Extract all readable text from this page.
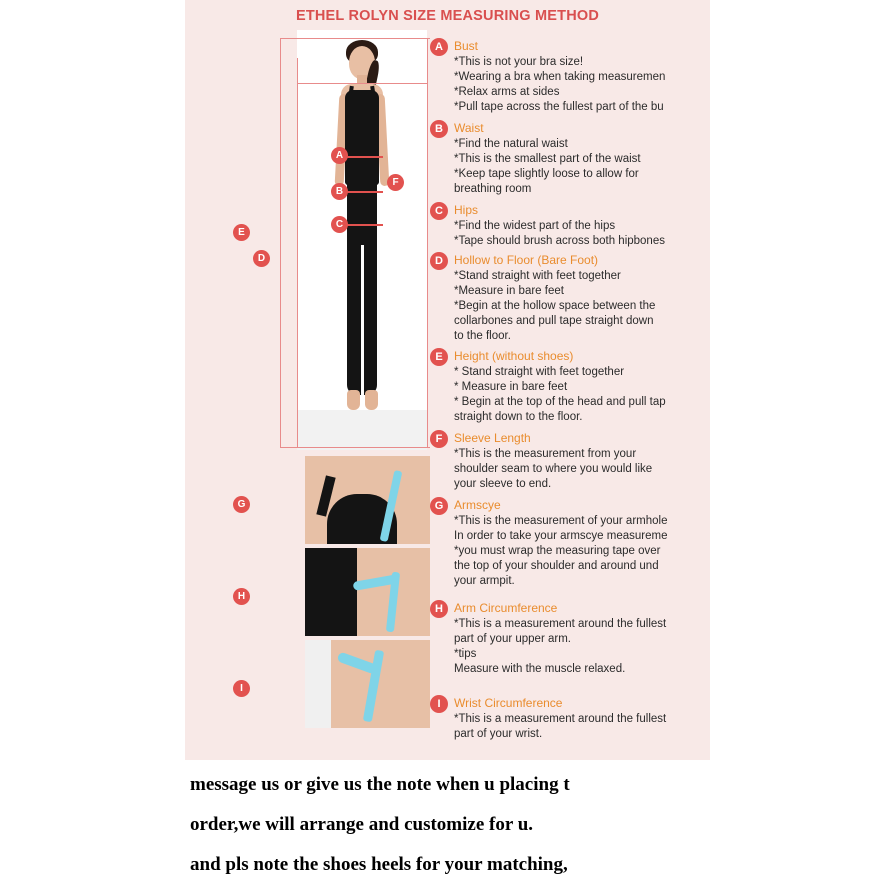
ETHEL ROLYN SIZE MEASURING METHOD
A
B
C
F
E
D
G
H
I
A Bust
*This is not your bra size!
*Wearing a bra when taking measuremen
*Relax arms at sides
*Pull tape across the fullest part of the bu
B Waist
*Find the natural waist
*This is the smallest part of the waist
*Keep tape slightly loose to allow for
breathing room
C Hips
*Find the widest part of the hips
*Tape should brush across both hipbones
D Hollow to Floor (Bare Foot)
*Stand straight with feet together
*Measure in bare feet
*Begin at the hollow space between the
collarbones and pull tape straight down
to the floor.
E Height (without shoes)
* Stand straight with feet together
* Measure in bare feet
* Begin at the top of the head and pull tap
straight down to the floor.
F Sleeve Length
*This is the measurement from your
shoulder seam to where you would like
your sleeve to end.
G Armscye
*This is the measurement of your armhole
In order to take your armscye measureme
*you must wrap the measuring tape over
the top of your shoulder and around und
your armpit.
H Arm Circumference
*This is a measurement around the fullest
part of your upper arm.
*tips
Measure with the muscle relaxed.
I	Wrist Circumference
*This is a measurement around the fullest
part of your wrist.
message us or give us the note when u placing t
order,we will arrange and customize for u.
and pls note the shoes heels for your matching,
